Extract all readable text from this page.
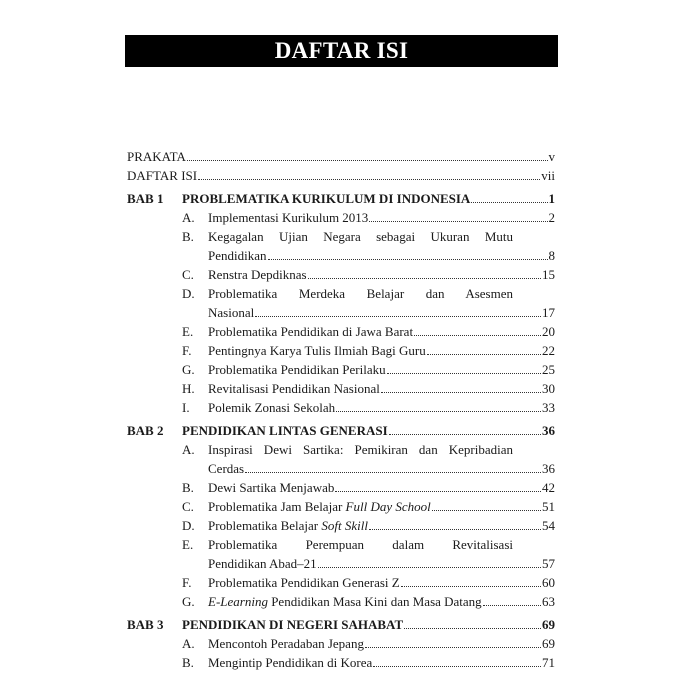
DAFTAR ISI
PRAKATA	v
DAFTAR ISI	vii
BAB 1	PROBLEMATIKA KURIKULUM DI INDONESIA	1
A.	Implementasi Kurikulum 2013	2
B.	Kegagalan Ujian Negara sebagai Ukuran Mutu
Pendidikan	8
C.	Renstra Depdiknas	15
D.	Problematika Merdeka Belajar dan Asesmen
Nasional	17
E.	Problematika Pendidikan di Jawa Barat	20
F.	Pentingnya Karya Tulis Ilmiah Bagi Guru	22
G.	Problematika Pendidikan Perilaku	25
H.	Revitalisasi Pendidikan Nasional	30
I.	Polemik Zonasi Sekolah	33
BAB 2	PENDIDIKAN LINTAS GENERASI	36
A.	Inspirasi Dewi Sartika: Pemikiran dan Kepribadian
Cerdas	36
B.	Dewi Sartika Menjawab	42
C.	Problematika Jam Belajar Full Day School	51
D.	Problematika Belajar Soft Skill	54
E.	Problematika Perempuan dalam Revitalisasi
Pendidikan Abad–21	57
F.	Problematika Pendidikan Generasi Z	60
G.	E-Learning Pendidikan Masa Kini dan Masa Datang	63
BAB 3	PENDIDIKAN DI NEGERI SAHABAT	69
A.	Mencontoh Peradaban Jepang	69
B.	Mengintip Pendidikan di Korea	71
